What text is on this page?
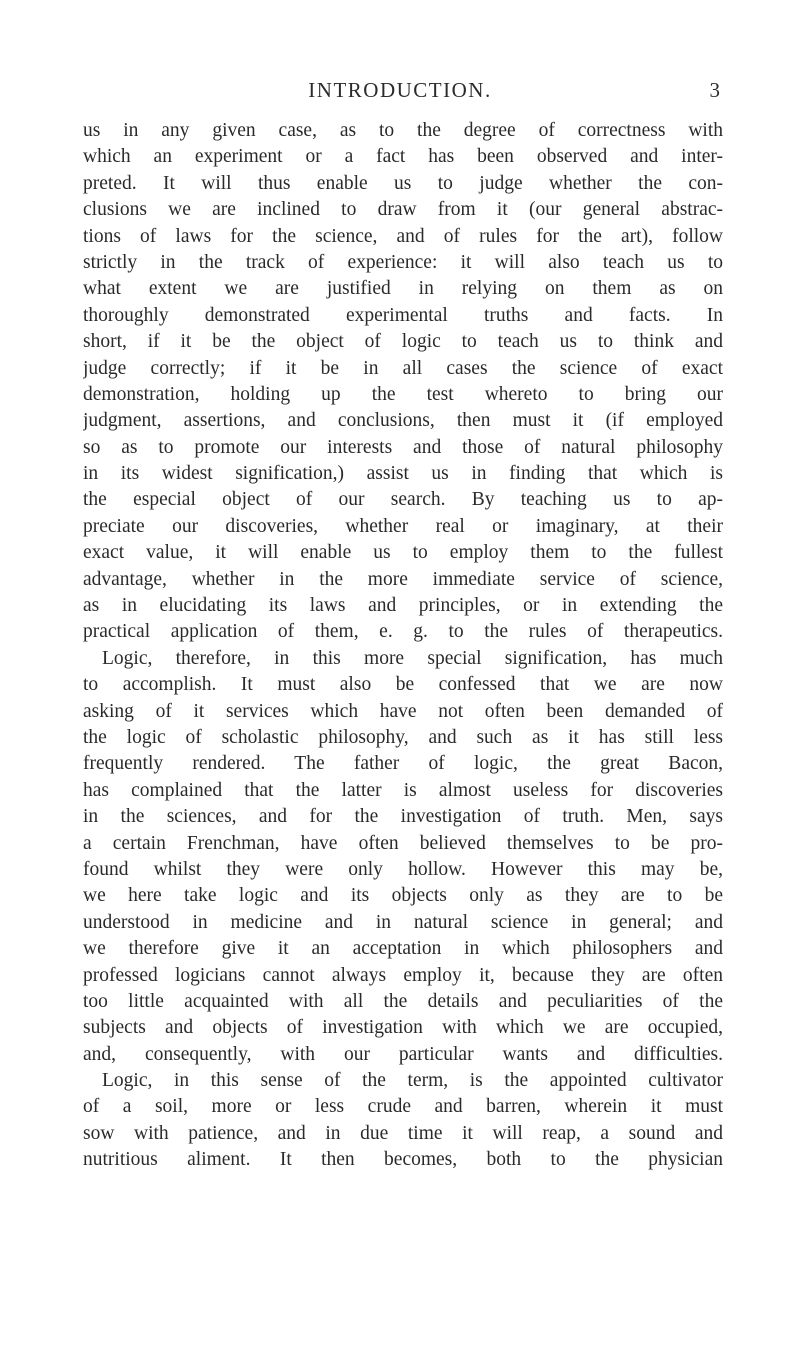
INTRODUCTION.	3
us in any given case, as to the degree of correctness with
which an experiment or a fact has been observed and inter-
preted. It will thus enable us to judge whether the con-
clusions we are inclined to draw from it (our general abstrac-
tions of laws for the science, and of rules for the art), follow
strictly in the track of experience: it will also teach us to
what extent we are justified in relying on them as on
thoroughly demonstrated experimental truths and facts. In
short, if it be the object of logic to teach us to think and
judge correctly; if it be in all cases the science of exact
demonstration, holding up the test whereto to bring our
judgment, assertions, and conclusions, then must it (if employed
so as to promote our interests and those of natural philosophy
in its widest signification,) assist us in finding that which is
the especial object of our search. By teaching us to ap-
preciate our discoveries, whether real or imaginary, at their
exact value, it will enable us to employ them to the fullest
advantage, whether in the more immediate service of science,
as in elucidating its laws and principles, or in extending the
practical application of them, e. g. to the rules of therapeutics.
Logic, therefore, in this more special signification, has much
to accomplish. It must also be confessed that we are now
asking of it services which have not often been demanded of
the logic of scholastic philosophy, and such as it has still less
frequently rendered. The father of logic, the great Bacon,
has complained that the latter is almost useless for discoveries
in the sciences, and for the investigation of truth. Men, says
a certain Frenchman, have often believed themselves to be pro-
found whilst they were only hollow. However this may be,
we here take logic and its objects only as they are to be
understood in medicine and in natural science in general; and
we therefore give it an acceptation in which philosophers and
professed logicians cannot always employ it, because they are often
too little acquainted with all the details and peculiarities of the
subjects and objects of investigation with which we are occupied,
and, consequently, with our particular wants and difficulties.
Logic, in this sense of the term, is the appointed cultivator
of a soil, more or less crude and barren, wherein it must
sow with patience, and in due time it will reap, a sound and
nutritious aliment. It then becomes, both to the physician
